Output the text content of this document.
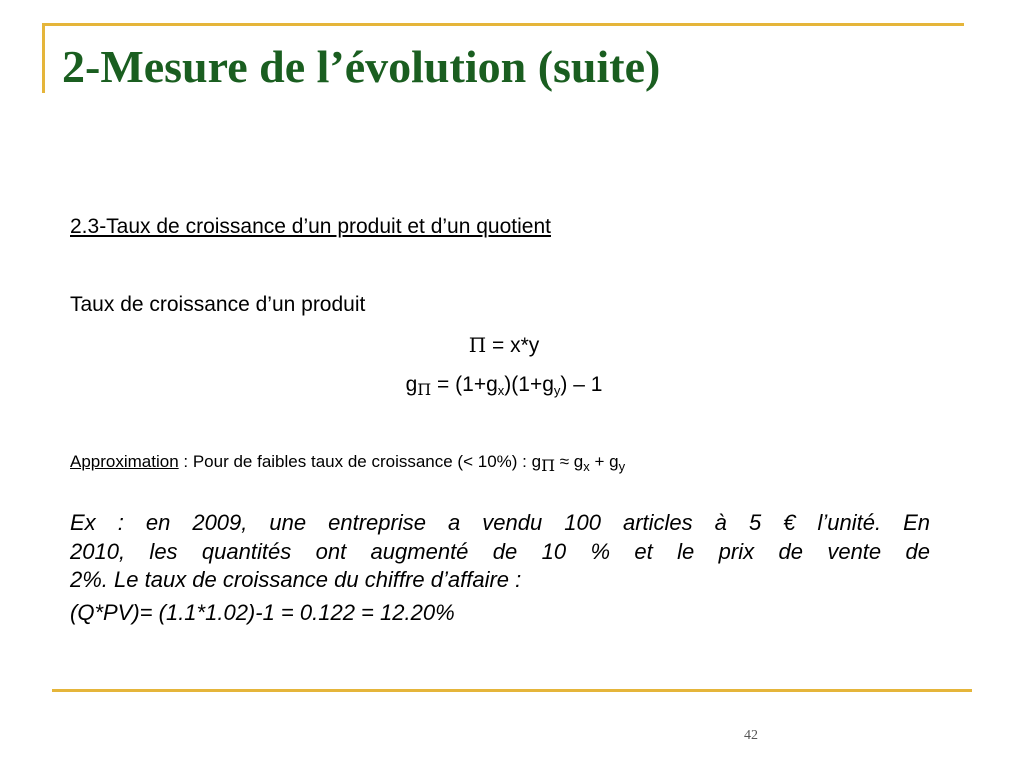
2-Mesure de l’évolution (suite)
2.3-Taux de croissance d’un produit et d’un quotient
Taux de croissance d’un produit
Π = x*y
$g_\Pi = (1+g_x)(1+g_y) - 1$
Approximation : Pour de faibles taux de croissance (< 10%) : $g_\Pi \approx g_x + g_y$
Ex : en 2009, une entreprise a vendu 100 articles à 5 € l’unité. En
2010, les quantités ont augmenté de 10 % et le prix de vente de
2%. Le taux de croissance du chiffre d’affaire :
(Q*PV)= (1.1*1.02)-1 = 0.122 = 12.20%
42
